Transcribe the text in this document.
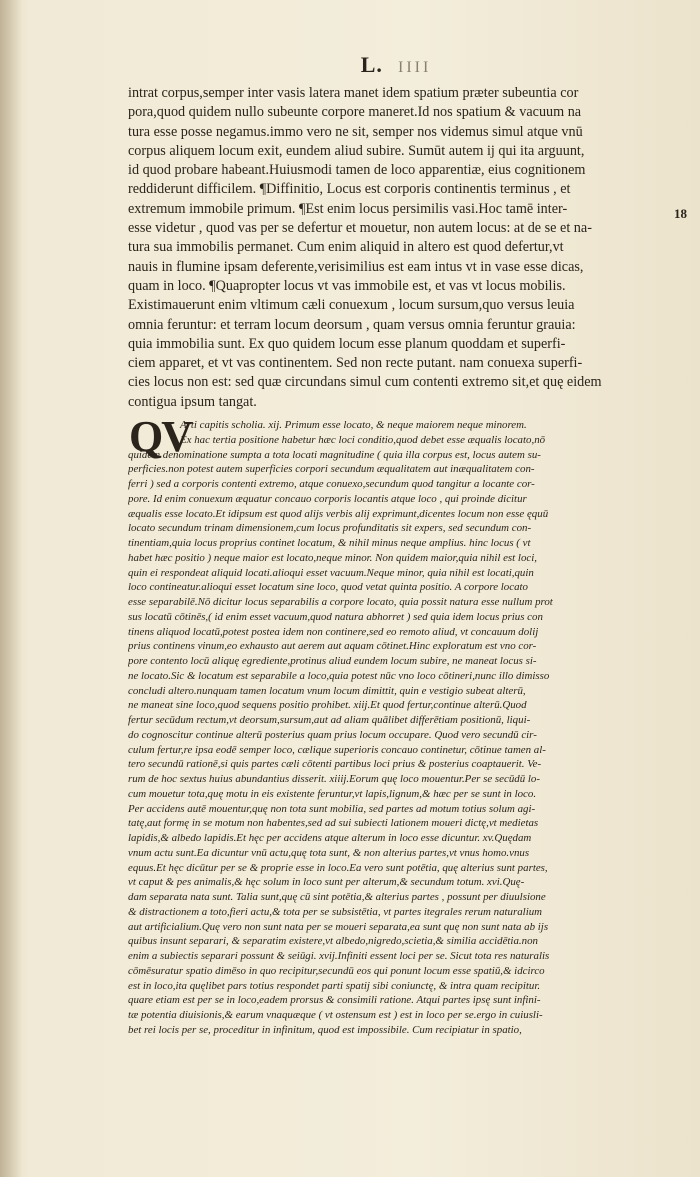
L. IIII
intrat corpus,semper inter vasis latera manet idem spatium præter subeuntia cor
pora,quod quidem nullo subeunte corpore maneret.Id nos spatium & vacuum na
tura esse posse negamus.immo vero ne sit, semper nos videmus simul atque vnū
corpus aliquem locum exit, eundem aliud subire. Sumūt autem ij qui ita arguunt,
id quod probare habeant.Huiusmodi tamen de loco apparentiæ, eius cognitionem
reddiderunt difficilem. ¶Diffinitio, Locus est corporis continentis terminus , et
extremum immobile primum. ¶Est enim locus persimilis vasi.Hoc tamē inter-
esse videtur , quod vas per se defertur et mouetur, non autem locus: at de se et na-
tura sua immobilis permanet. Cum enim aliquid in altero est quod defertur,vt
nauis in flumine ipsam deferente,verisimilius est eam intus vt in vase esse dicas,
quam in loco. ¶Quapropter locus vt vas immobile est, et vas vt locus mobilis.
Existimauerunt enim vltimum cæli conuexum , locum sursum,quo versus leuia
omnia feruntur: et terram locum deorsum , quam versus omnia feruntur grauia:
quia immobilia sunt. Ex quo quidem locum esse planum quoddam et superfi-
ciem apparet, et vt vas continentem. Sed non recte putant. nam conuexa superfi-
cies locus non est: sed quæ circundans simul cum contenti extremo sit,et quę eidem
contigua ipsum tangat.
18
QV
Arti capitis scholia. xij. Primum esse locato, & neque maiorem neque minorem.
Ex hac tertia positione habetur hæc loci conditio,quod debet esse æqualis locato,nō
quidem denominatione sumpta a tota locati magnitudine ( quia illa corpus est, locus autem su-
perficies.non potest autem superficies corpori secundum æqualitatem aut inæqualitatem con-
ferri ) sed a corporis contenti extremo, atque conuexo,secundum quod tangitur a locante cor-
pore. Id enim conuexum æquatur concauo corporis locantis atque loco , qui proinde dicitur
æqualis esse locato.Et idipsum est quod alijs verbis alij exprimunt,dicentes locum non esse ęquū
locato secundum trinam dimensionem,cum locus profunditatis sit expers, sed secundum con-
tinentiam,quia locus proprius continet locatum, & nihil minus neque amplius. hinc locus ( vt
habet hæc positio ) neque maior est locato,neque minor. Non quidem maior,quia nihil est loci,
quin ei respondeat aliquid locati.alioqui esset vacuum.Neque minor, quia nihil est locati,quin
loco contineatur.alioqui esset locatum sine loco, quod vetat quinta positio. A corpore locato
esse separabilē.Nō dicitur locus separabilis a corpore locato, quia possit natura esse nullum prot
sus locatū cōtinēs,( id enim esset vacuum,quod natura abhorret ) sed quia idem locus prius con
tinens aliquod locatū,potest postea idem non continere,sed eo remoto aliud, vt concauum dolij
prius continens vinum,eo exhausto aut aerem aut aquam cōtinet.Hinc exploratum est vno cor-
pore contento locū aliquę egrediente,protinus aliud eundem locum subire, ne maneat locus si-
ne locato.Sic & locatum est separabile a loco,quia potest nūc vno loco cōtineri,nunc illo dimisso
concludi altero.nunquam tamen locatum vnum locum dimittit, quin e vestigio subeat alterū,
ne maneat sine loco,quod sequens positio prohibet. xiij.Et quod fertur,continue alterū.Quod
fertur secūdum rectum,vt deorsum,sursum,aut ad aliam quālibet differētiam positionū, liqui-
do cognoscitur continue alterū posterius quam prius locum occupare. Quod vero secundū cir-
culum fertur,re ipsa eodē semper loco, cælique superioris concauo continetur, cōtinue tamen al-
tero secundū rationē,si quis partes cæli cōtenti partibus loci prius & posterius coaptauerit. Ve-
rum de hoc sextus huius abundantius disserit. xiiij.Eorum quę loco mouentur.Per se secūdū lo-
cum mouetur tota,quę motu in eis existente feruntur,vt lapis,lignum,& hæc per se sunt in loco.
Per accidens autē mouentur,quę non tota sunt mobilia, sed partes ad motum totius solum agi-
tatę,aut formę in se motum non habentes,sed ad sui subiecti lationem moueri dictę,vt medietas
lapidis,& albedo lapidis.Et hęc per accidens atque alterum in loco esse dicuntur. xv.Quędam
vnum actu sunt.Ea dicuntur vnū actu,quę tota sunt, & non alterius partes,vt vnus homo.vnus
equus.Et hęc dicūtur per se & proprie esse in loco.Ea vero sunt potētia, quę alterius sunt partes,
vt caput & pes animalis,& hęc solum in loco sunt per alterum,& secundum totum. xvi.Quę-
dam separata nata sunt. Talia sunt,quę cū sint potētia,& alterius partes , possunt per diuulsione
& distractionem a toto,fieri actu,& tota per se subsistētia, vt partes itegrales rerum naturalium
aut artificialium.Quę vero non sunt nata per se moueri separata,ea sunt quę non sunt nata ab ijs
quibus insunt separari, & separatim existere,vt albedo,nigredo,scietia,& similia accidētia.non
enim a subiectis separari possunt & seiūgi. xvij.Infiniti essent loci per se. Sicut tota res naturalis
cōmēsuratur spatio dimēso in quo recipitur,secundū eos qui ponunt locum esse spatiū,& idcirco
est in loco,ita quęlibet pars totius respondet parti spatij sibi coniunctę, & intra quam recipitur.
quare etiam est per se in loco,eadem prorsus & consimili ratione. Atqui partes ipsę sunt infini-
tæ potentia diuisionis,& earum vnaquæque ( vt ostensum est ) est in loco per se.ergo in cuiusli-
bet rei locis per se, proceditur in infinitum, quod est impossibile. Cum recipiatur in spatio,
